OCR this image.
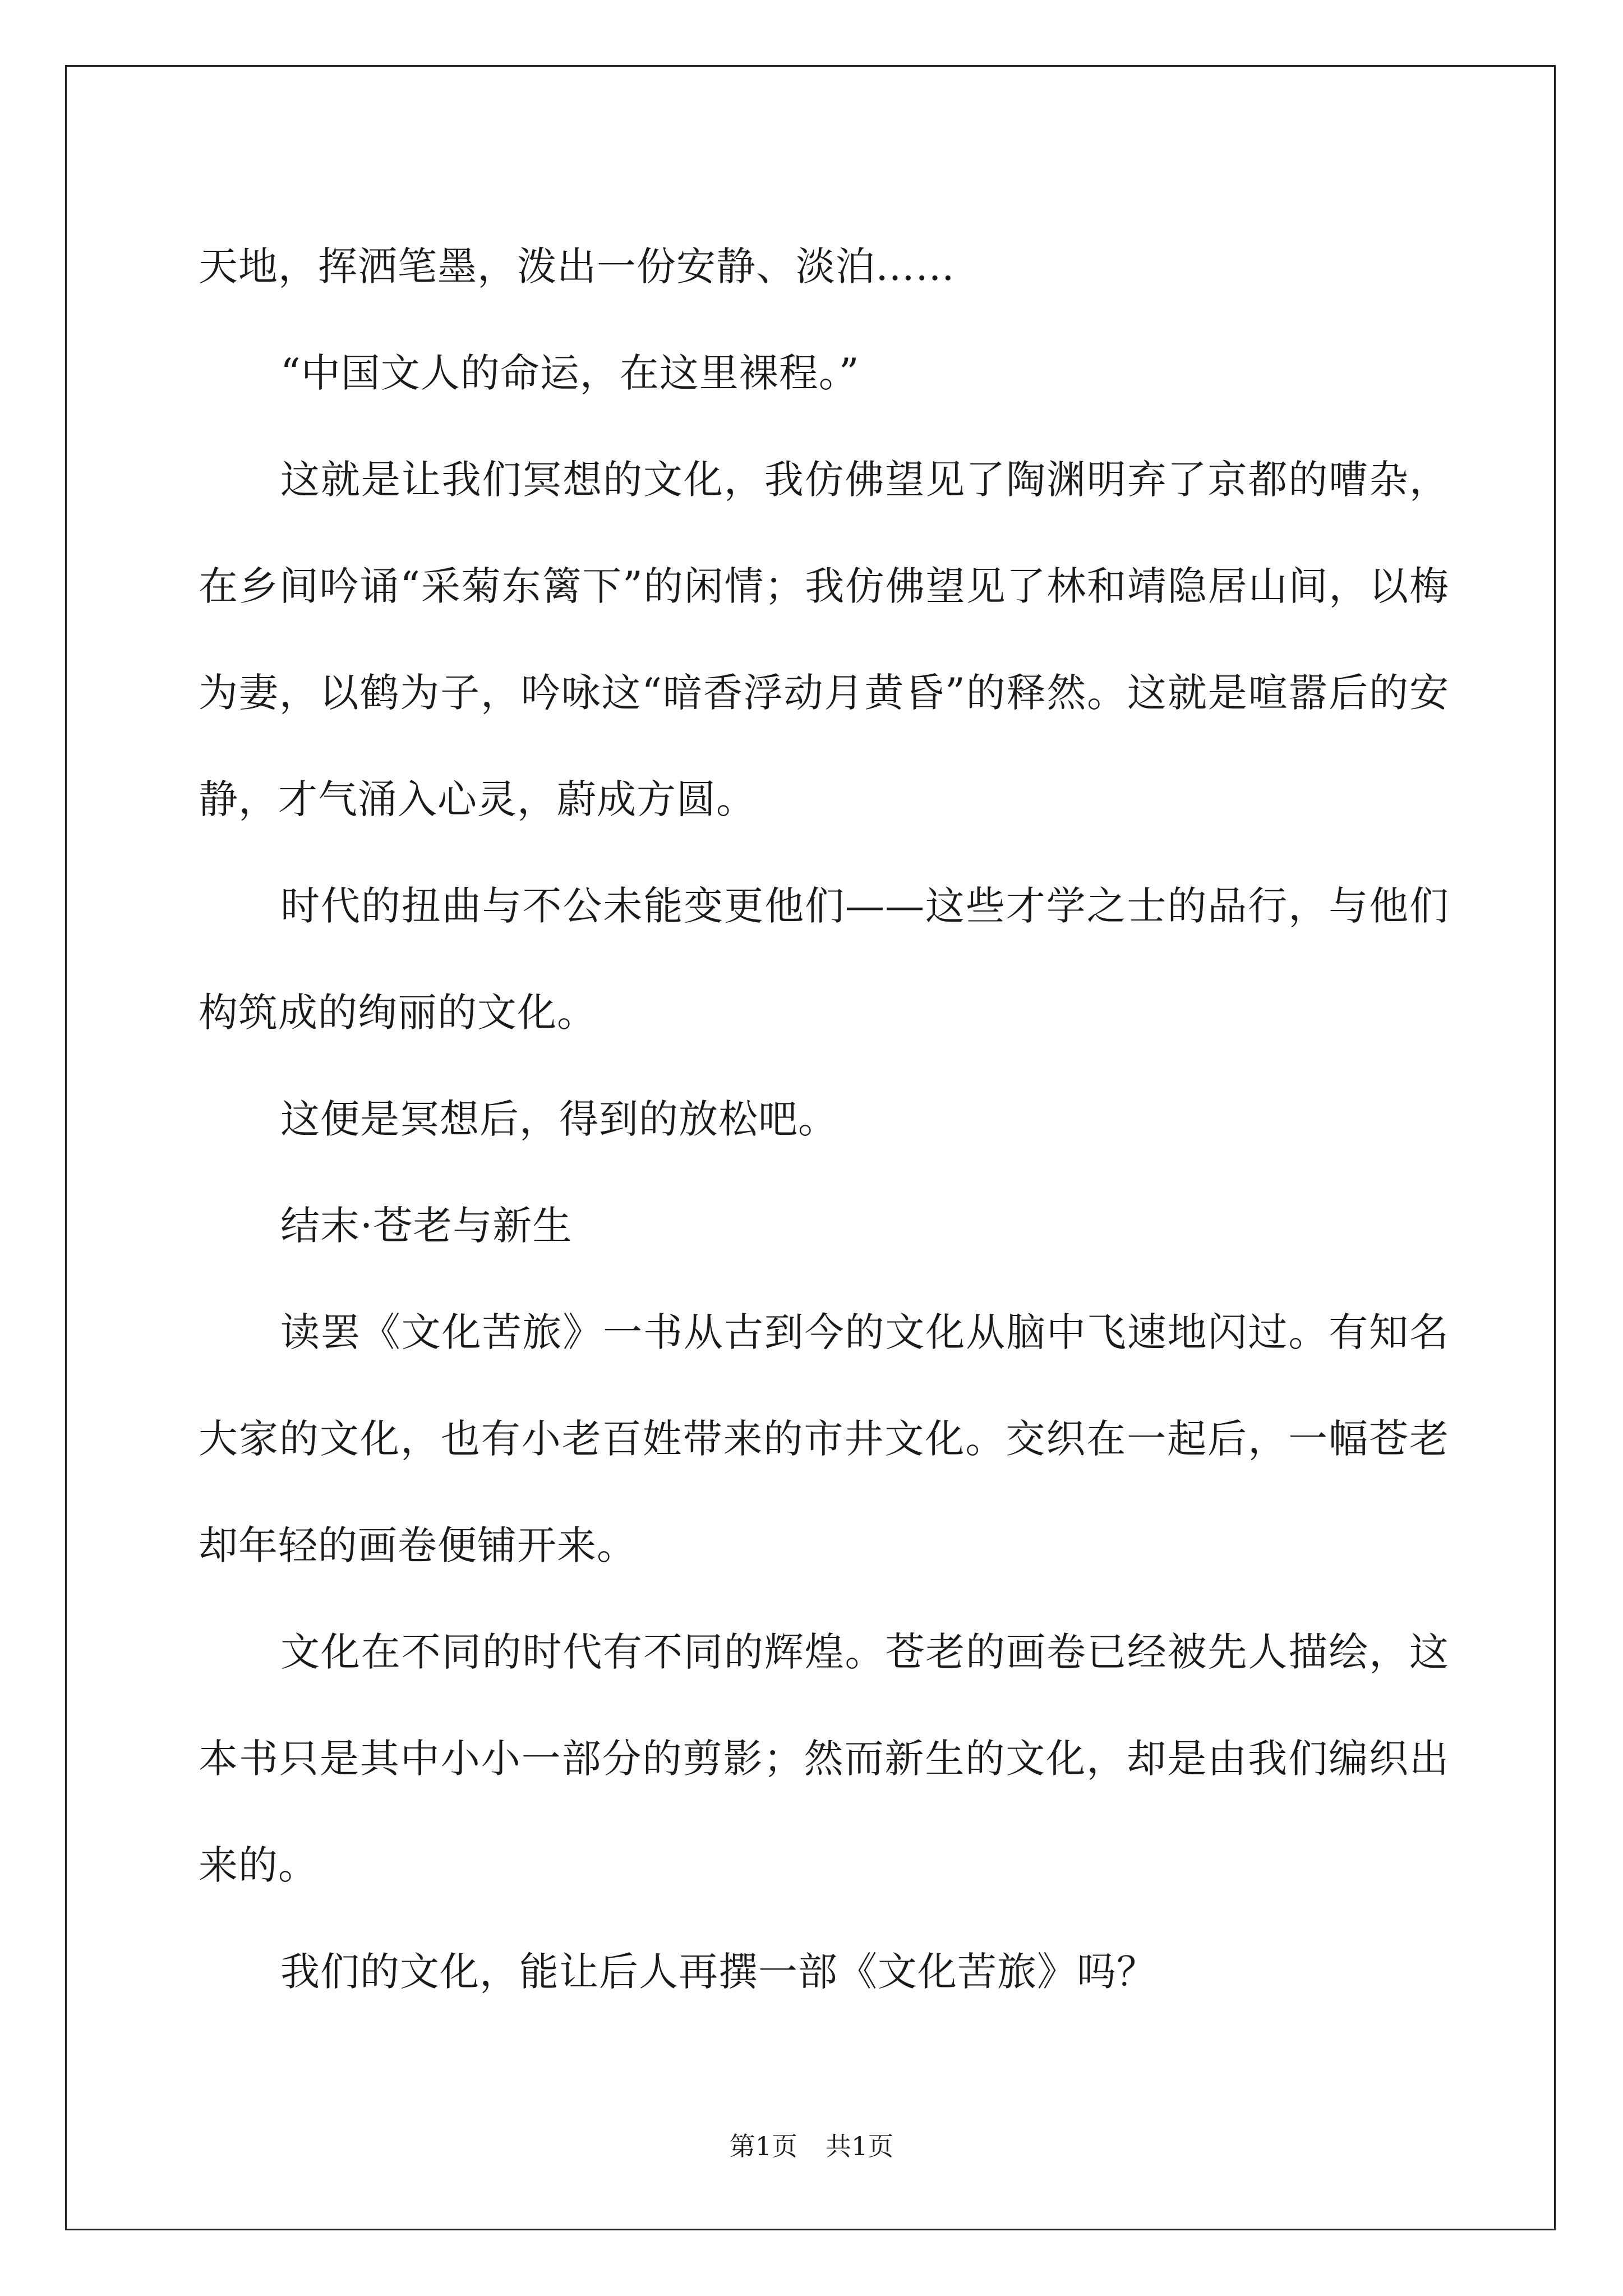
天地，挥洒笔墨，泼出一份安静、淡泊……

“中国文人的命运，在这里裸程。”

这就是让我们冥想的文化，我仿佛望见了陶渊明弃了京都的嘈杂，在乡间吟诵“采菊东篱下”的闲情；我仿佛望见了林和靖隐居山间，以梅为妻，以鹤为子，吟咏这“暗香浮动月黄昏”的释然。这就是喧嚣后的安静，才气涌入心灵，蔚成方圆。

时代的扭曲与不公未能变更他们——这些才学之士的品行，与他们构筑成的绚丽的文化。

这便是冥想后，得到的放松吧。

结末·苍老与新生

读罢《文化苦旅》一书从古到今的文化从脑中飞速地闪过。有知名大家的文化，也有小老百姓带来的市井文化。交织在一起后，一幅苍老却年轻的画卷便铺开来。

文化在不同的时代有不同的辉煌。苍老的画卷已经被先人描绘，这本书只是其中小小一部分的剪影；然而新生的文化，却是由我们编织出来的。

我们的文化，能让后人再撰一部《文化苦旅》吗？

第1页 共1页
